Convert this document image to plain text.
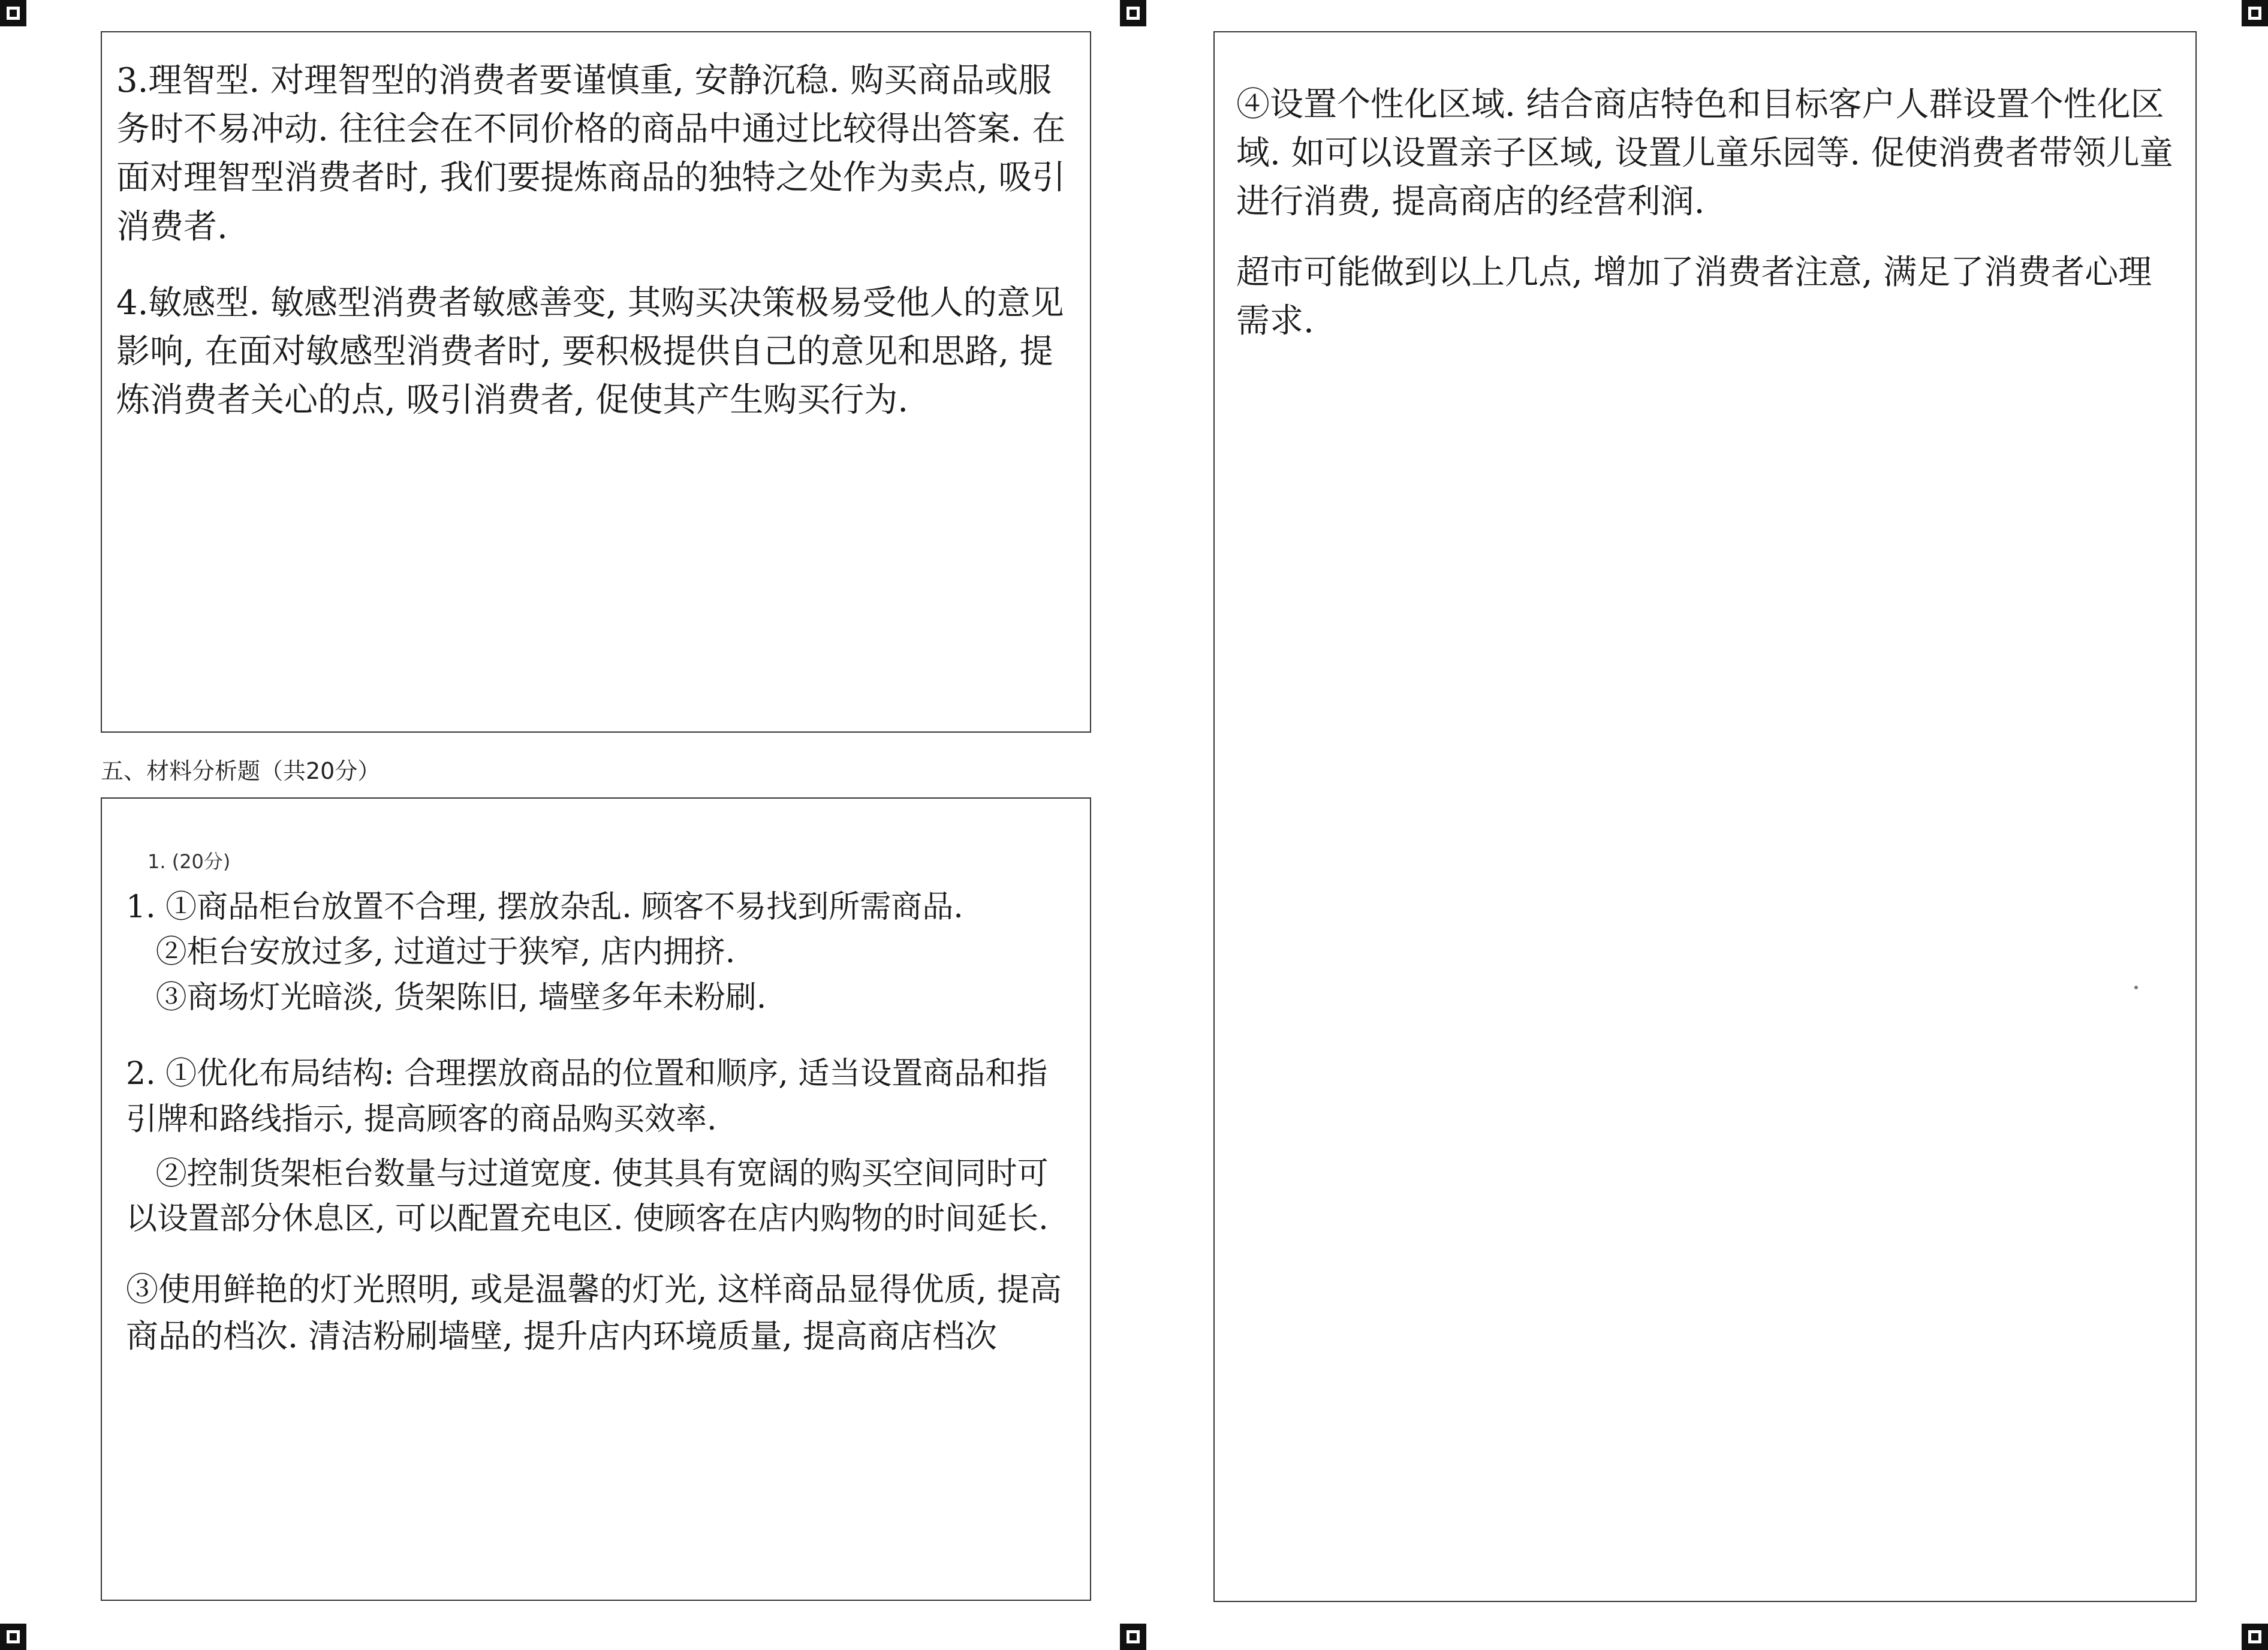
3.理智型. 对理智型的消费者要谨慎重, 安静沉稳. 购买商品或服务时不易冲动. 往往会在不同价格的商品中通过比较得出答案. 在面对理智型消费者时, 我们要提炼商品的独特之处作为卖点, 吸引消费者.

4.敏感型. 敏感型消费者敏感善变, 其购买决策极易受他人的意见影响, 在面对敏感型消费者时, 要积极提供自己的意见和思路, 提炼消费者关心的点, 吸引消费者, 促使其产生购买行为.

五、材料分析题（共20分）

1. (20分)

1. ①商品柜台放置不合理, 摆放杂乱. 顾客不易找到所需商品.
②柜台安放过多, 过道过于狭窄, 店内拥挤.
③商场灯光暗淡, 货架陈旧, 墙壁多年未粉刷.

2. ①优化布局结构: 合理摆放商品的位置和顺序, 适当设置商品和指引牌和路线指示, 提高顾客的商品购买效率.

②控制货架柜台数量与过道宽度. 使其具有宽阔的购买空间同时可以设置部分休息区, 可以配置充电区. 使顾客在店内购物的时间延长.

③使用鲜艳的灯光照明, 或是温馨的灯光, 这样商品显得优质, 提高商品的档次. 清洁粉刷墙壁, 提升店内环境质量, 提高商店档次

④设置个性化区域. 结合商店特色和目标客户人群设置个性化区域. 如可以设置亲子区域, 设置儿童乐园等. 促使消费者带领儿童进行消费, 提高商店的经营利润.

超市可能做到以上几点, 增加了消费者注意, 满足了消费者心理需求.
